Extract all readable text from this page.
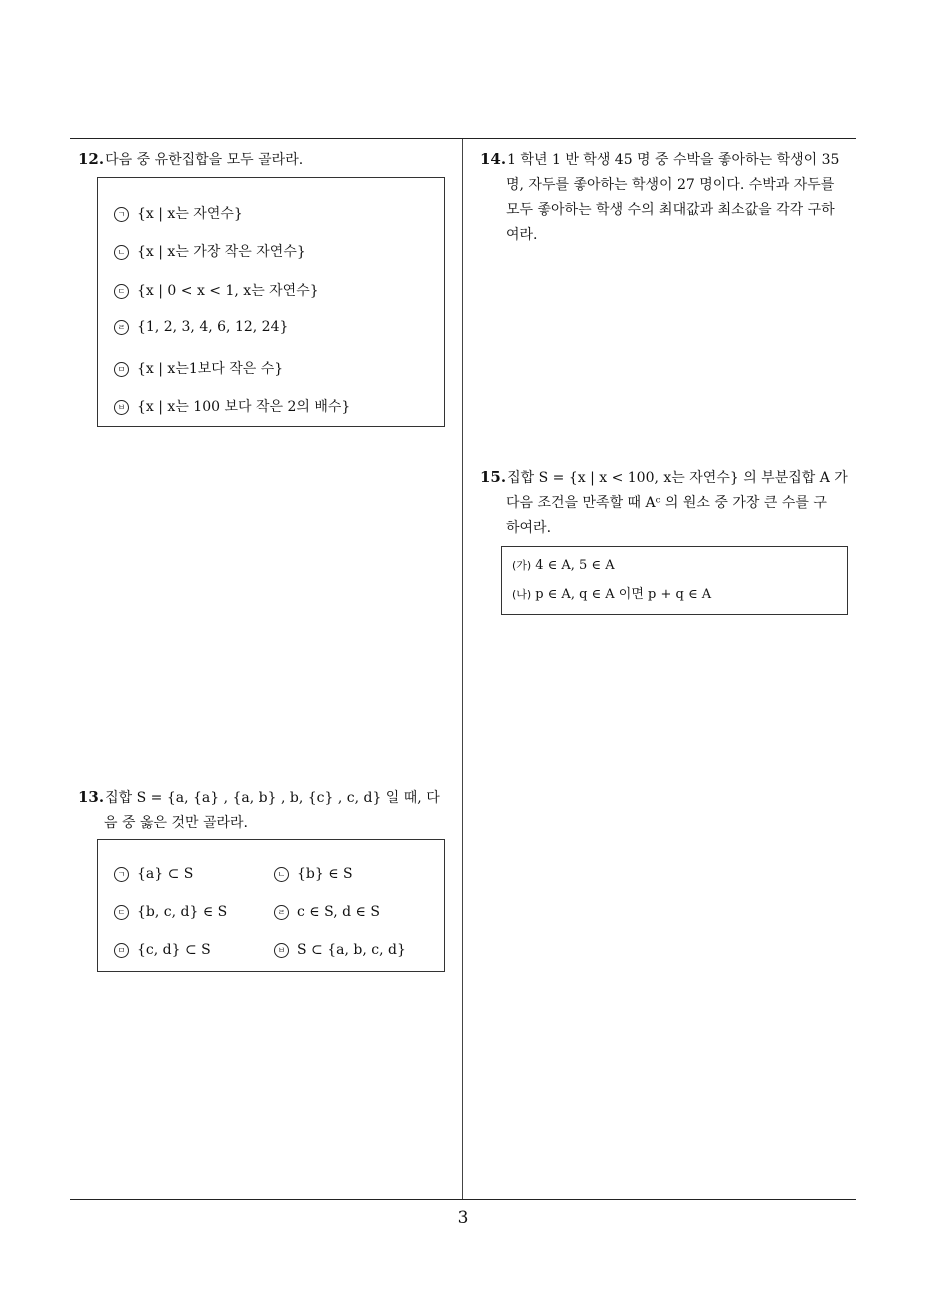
12.다음 중 유한집합을 모두 골라라.
ㄱ {x | x는 자연수}
ㄴ {x | x는 가장 작은 자연수}
ㄷ {x | 0 < x < 1, x는 자연수}
ㄹ {1, 2, 3, 4, 6, 12, 24}
ㅁ {x | x는1보다 작은 수}
ㅂ {x | x는 100 보다 작은 2의 배수}
13.집합 S = {a, {a} , {a, b} , b, {c} , c, d} 일 때, 다
음 중 옳은 것만 골라라.
ㄱ {a} ⊂ S	ㄴ {b} ∈ S
ㄷ {b, c, d} ∈ S	ㄹ c ∈ S, d ∈ S
ㅁ {c, d} ⊂ S	ㅂ S ⊂ {a, b, c, d}
14.1 학년 1 반 학생 45 명 중 수박을 좋아하는 학생이 35
명, 자두를 좋아하는 학생이 27 명이다. 수박과 자두를
모두 좋아하는 학생 수의 최대값과 최소값을 각각 구하
여라.
15.집합 S = {x | x < 100, x는 자연수} 의 부분집합 A 가
다음 조건을 만족할 때 Aᶜ 의 원소 중 가장 큰 수를 구
하여라.
(가) 4 ∈ A, 5 ∈ A
(나) p ∈ A, q ∈ A 이면 p + q ∈ A
3
